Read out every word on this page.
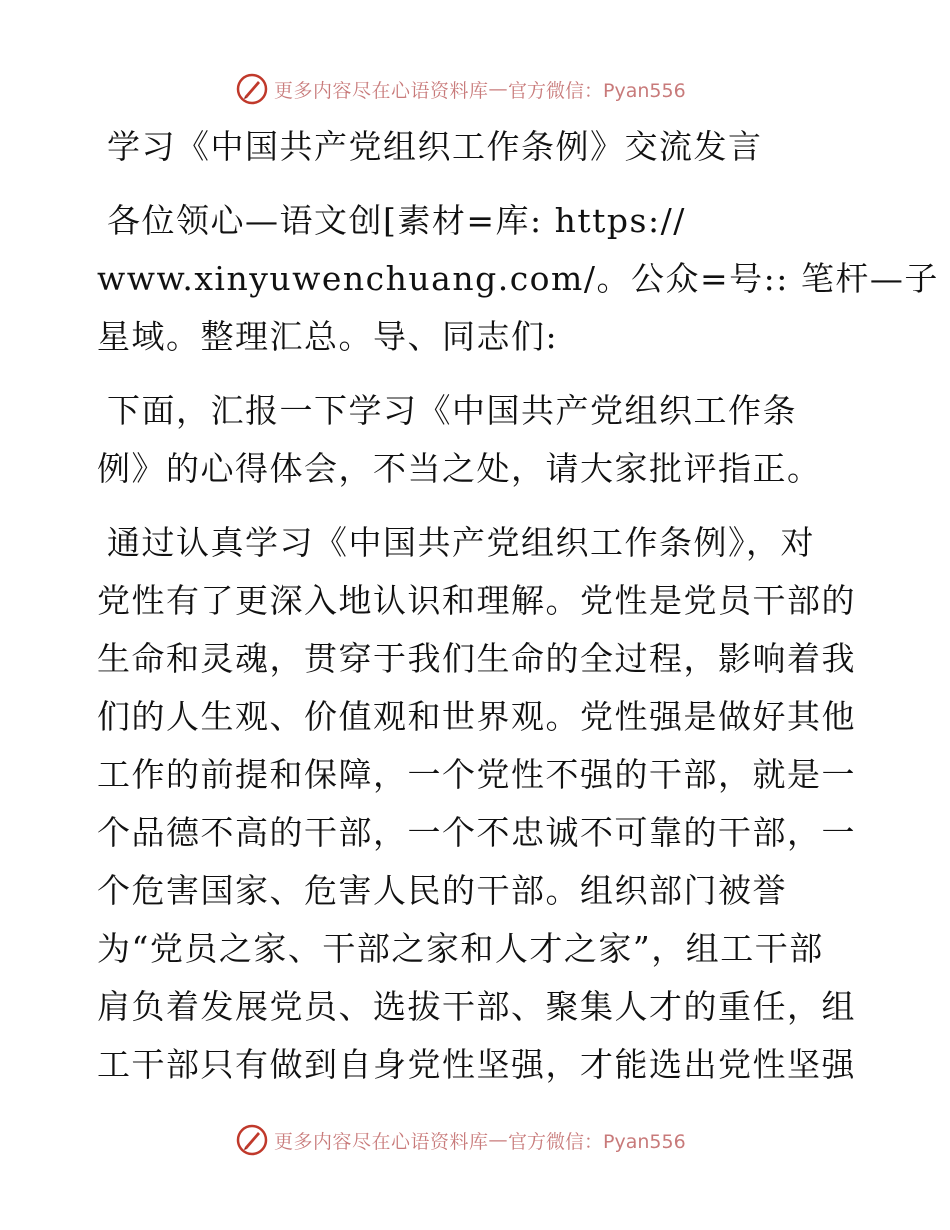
更多内容尽在心语资料库 — 官方微信：Pyan556
学习《中国共产党组织工作条例》交流发言
各位领心—语文创[素材=库: https://
www.xinyuwenchuang.com/。公众=号:: 笔杆—子
星域。整理汇总。导、同志们:
下面，汇报一下学习《中国共产党组织工作条
例》的心得体会，不当之处，请大家批评指正。
通过认真学习《中国共产党组织工作条例》，对
党性有了更深入地认识和理解。党性是党员干部的
生命和灵魂，贯穿于我们生命的全过程，影响着我
们的人生观、价值观和世界观。党性强是做好其他
工作的前提和保障，一个党性不强的干部，就是一
个品德不高的干部，一个不忠诚不可靠的干部，一
个危害国家、危害人民的干部。组织部门被誉
为“党员之家、干部之家和人才之家”，组工干部
肩负着发展党员、选拔干部、聚集人才的重任，组
工干部只有做到自身党性坚强，才能选出党性坚强
更多内容尽在心语资料库 — 官方微信：Pyan556
